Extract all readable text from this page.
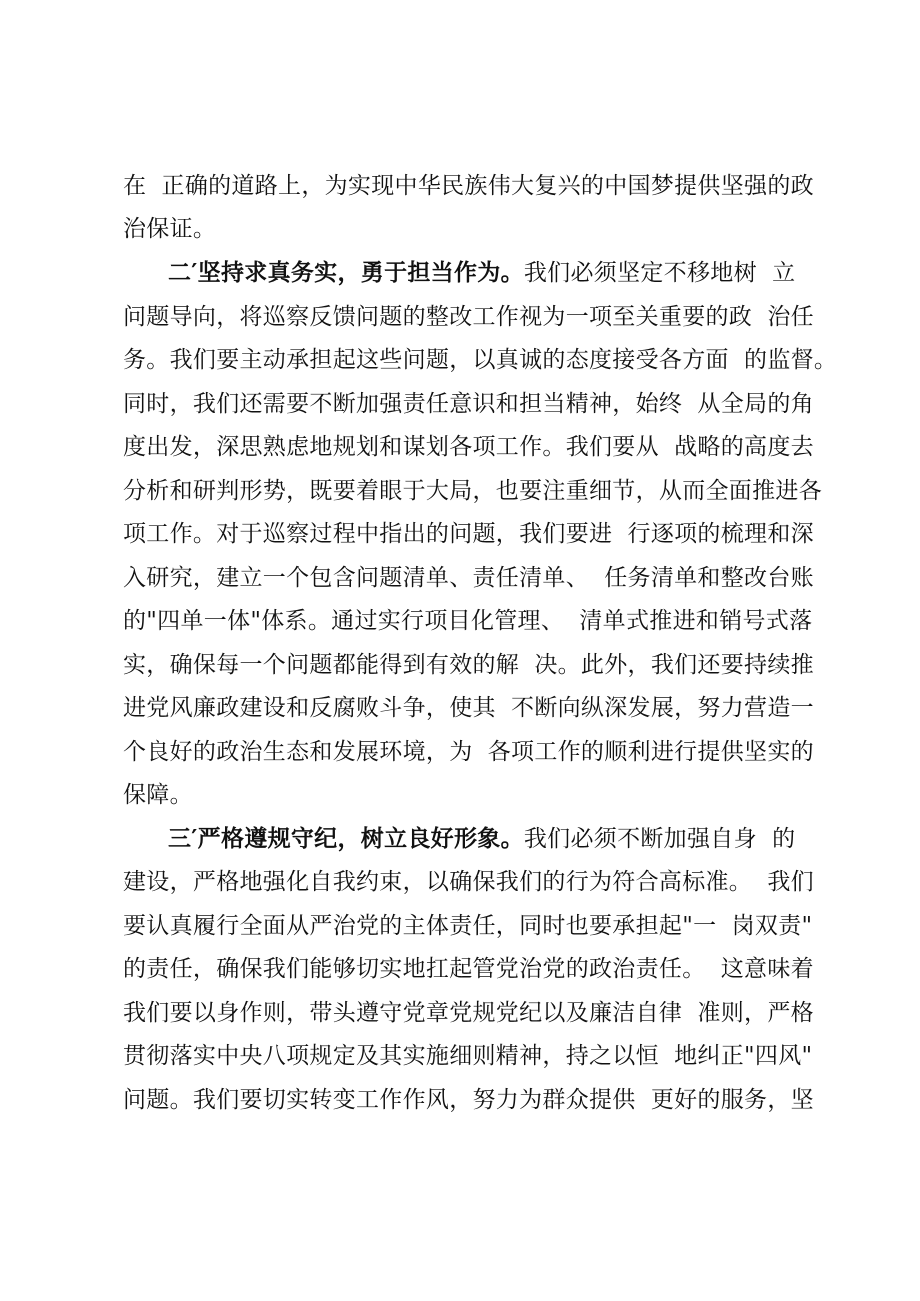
在  正确的道路上，为实现中华民族伟大复兴的中国梦提供坚强的政
治保证。
二′坚持求真务实，勇于担当作为。我们必须坚定不移地树  立
问题导向，将巡察反馈问题的整改工作视为一项至关重要的政  治任
务。我们要主动承担起这些问题，以真诚的态度接受各方面  的监督。
同时，我们还需要不断加强责任意识和担当精神，始终  从全局的角
度出发，深思熟虑地规划和谋划各项工作。我们要从  战略的高度去
分析和研判形势，既要着眼于大局，也要注重细节，从而全面推进各
项工作。对于巡察过程中指出的问题，我们要进  行逐项的梳理和深
入研究，建立一个包含问题清单、责任清单、  任务清单和整改台账
的"四单一体"体系。通过实行项目化管理、  清单式推进和销号式落
实，确保每一个问题都能得到有效的解  决。此外，我们还要持续推
进党风廉政建设和反腐败斗争，使其  不断向纵深发展，努力营造一
个良好的政治生态和发展环境，为  各项工作的顺利进行提供坚实的
保障。
三′严格遵规守纪，树立良好形象。我们必须不断加强自身  的
建设，严格地强化自我约束，以确保我们的行为符合高标准。  我们
要认真履行全面从严治党的主体责任，同时也要承担起"一  岗双责"
的责任，确保我们能够切实地扛起管党治党的政治责任。  这意味着
我们要以身作则，带头遵守党章党规党纪以及廉洁自律  准则，严格
贯彻落实中央八项规定及其实施细则精神，持之以恒  地纠正"四风"
问题。我们要切实转变工作作风，努力为群众提供  更好的服务，坚
